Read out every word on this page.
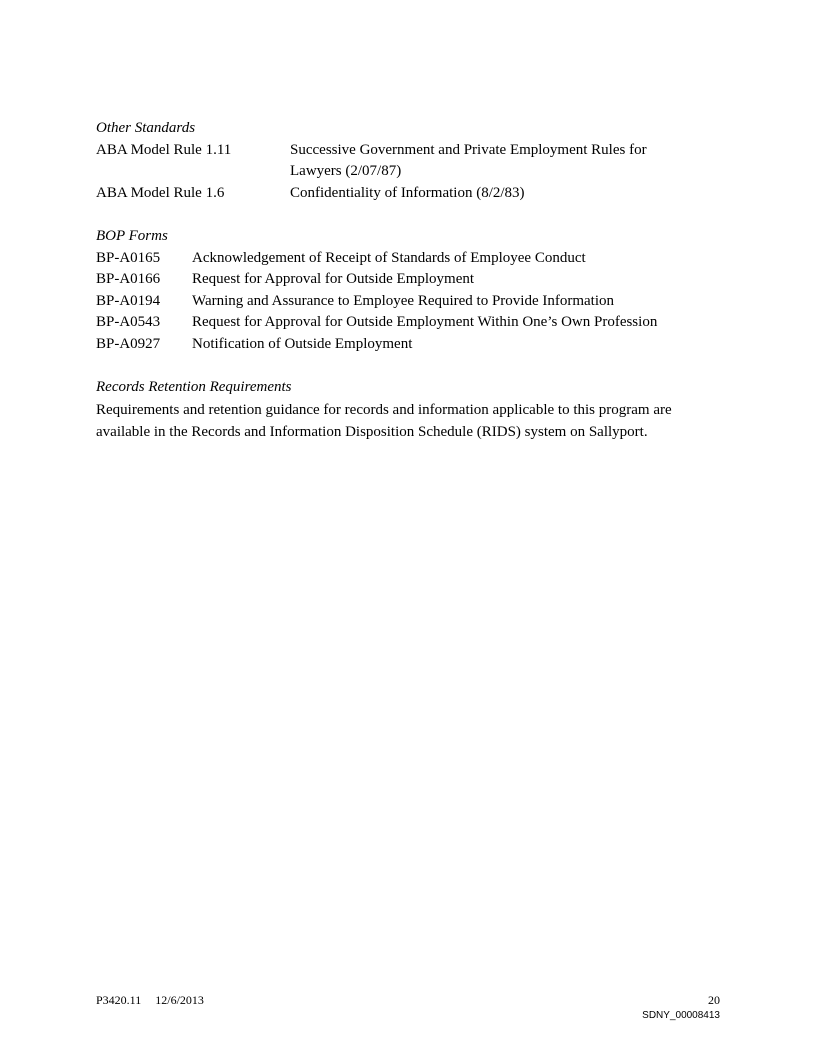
Other Standards
ABA Model Rule 1.11	Successive Government and Private Employment Rules for Lawyers (2/07/87)
ABA Model Rule 1.6	Confidentiality of Information (8/2/83)
BOP Forms
BP-A0165	Acknowledgement of Receipt of Standards of Employee Conduct
BP-A0166	Request for Approval for Outside Employment
BP-A0194	Warning and Assurance to Employee Required to Provide Information
BP-A0543	Request for Approval for Outside Employment Within One’s Own Profession
BP-A0927	Notification of Outside Employment
Records Retention Requirements
Requirements and retention guidance for records and information applicable to this program are available in the Records and Information Disposition Schedule (RIDS) system on Sallyport.
P3420.11 12/6/2013	20
SDNY_00008413
